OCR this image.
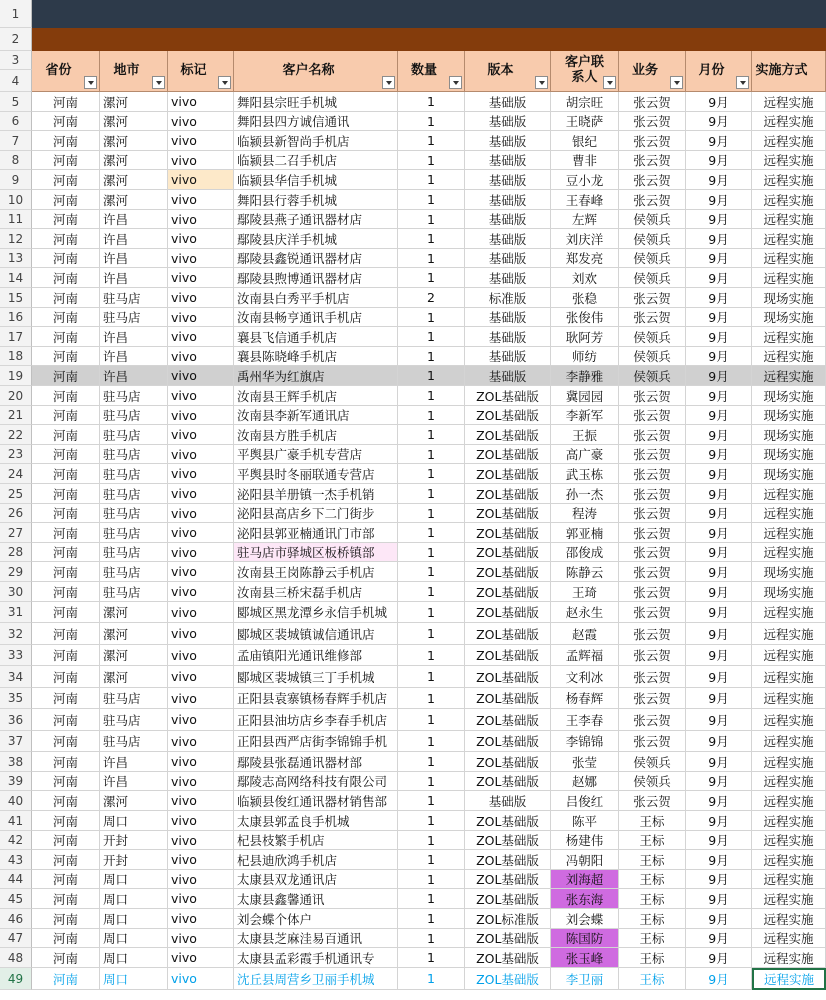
1
2
3
4
省份	地市	标记	客户名称	数量	版本	客户联系人	业务	月份	实施方式
5	河南	漯河	vivo	舞阳县宗旺手机城	1	基础版	胡宗旺	张云贺	9月	远程实施
6	河南	漯河	vivo	舞阳县四方诚信通讯	1	基础版	王晓萨	张云贺	9月	远程实施
7	河南	漯河	vivo	临颍县新智尚手机店	1	基础版	银纪	张云贺	9月	远程实施
8	河南	漯河	vivo	临颍县二召手机店	1	基础版	曹非	张云贺	9月	远程实施
9	河南	漯河	vivo	临颍县华信手机城	1	基础版	豆小龙	张云贺	9月	远程实施
10	河南	漯河	vivo	舞阳县行蓉手机城	1	基础版	王春峰	张云贺	9月	远程实施
11	河南	许昌	vivo	鄢陵县燕子通讯器材店	1	基础版	左辉	侯领兵	9月	远程实施
12	河南	许昌	vivo	鄢陵县庆洋手机城	1	基础版	刘庆洋	侯领兵	9月	远程实施
13	河南	许昌	vivo	鄢陵县鑫锐通讯器材店	1	基础版	郑发亮	侯领兵	9月	远程实施
14	河南	许昌	vivo	鄢陵县煦博通讯器材店	1	基础版	刘欢	侯领兵	9月	远程实施
15	河南	驻马店	vivo	汝南县白秀平手机店	2	标准版	张稳	张云贺	9月	现场实施
16	河南	驻马店	vivo	汝南县畅亨通讯手机店	1	基础版	张俊伟	张云贺	9月	现场实施
17	河南	许昌	vivo	襄县飞信通手机店	1	基础版	耿阿芳	侯领兵	9月	远程实施
18	河南	许昌	vivo	襄县陈晓峰手机店	1	基础版	师纺	侯领兵	9月	远程实施
19	河南	许昌	vivo	禹州华为红旗店	1	基础版	李静雅	侯领兵	9月	远程实施
20	河南	驻马店	vivo	汝南县王辉手机店	1	ZOL基础版	冀园园	张云贺	9月	现场实施
21	河南	驻马店	vivo	汝南县李新军通讯店	1	ZOL基础版	李新军	张云贺	9月	现场实施
22	河南	驻马店	vivo	汝南县方胜手机店	1	ZOL基础版	王振	张云贺	9月	现场实施
23	河南	驻马店	vivo	平舆县广豪手机专营店	1	ZOL基础版	高广豪	张云贺	9月	现场实施
24	河南	驻马店	vivo	平舆县时冬丽联通专营店	1	ZOL基础版	武玉栋	张云贺	9月	现场实施
25	河南	驻马店	vivo	泌阳县羊册镇一杰手机销	1	ZOL基础版	孙一杰	张云贺	9月	远程实施
26	河南	驻马店	vivo	泌阳县高店乡下二门街步	1	ZOL基础版	程涛	张云贺	9月	远程实施
27	河南	驻马店	vivo	泌阳县郭亚楠通讯门市部	1	ZOL基础版	郭亚楠	张云贺	9月	远程实施
28	河南	驻马店	vivo	驻马店市驿城区板桥镇部	1	ZOL基础版	邵俊成	张云贺	9月	远程实施
29	河南	驻马店	vivo	汝南县王岗陈静云手机店	1	ZOL基础版	陈静云	张云贺	9月	现场实施
30	河南	驻马店	vivo	汝南县三桥宋磊手机店	1	ZOL基础版	王琦	张云贺	9月	现场实施
31	河南	漯河	vivo	郾城区黑龙潭乡永信手机城	1	ZOL基础版	赵永生	张云贺	9月	远程实施
32	河南	漯河	vivo	郾城区裴城镇诚信通讯店	1	ZOL基础版	赵霞	张云贺	9月	远程实施
33	河南	漯河	vivo	孟庙镇阳光通讯维修部	1	ZOL基础版	孟辉福	张云贺	9月	远程实施
34	河南	漯河	vivo	郾城区裴城镇三丁手机城	1	ZOL基础版	文利冰	张云贺	9月	远程实施
35	河南	驻马店	vivo	正阳县袁寨镇杨春辉手机店	1	ZOL基础版	杨春辉	张云贺	9月	远程实施
36	河南	驻马店	vivo	正阳县油坊店乡李春手机店	1	ZOL基础版	王李春	张云贺	9月	远程实施
37	河南	驻马店	vivo	正阳县西严店街李锦锦手机	1	ZOL基础版	李锦锦	张云贺	9月	远程实施
38	河南	许昌	vivo	鄢陵县张磊通讯器材部	1	ZOL基础版	张莹	侯领兵	9月	远程实施
39	河南	许昌	vivo	鄢陵志高网络科技有限公司	1	ZOL基础版	赵娜	侯领兵	9月	远程实施
40	河南	漯河	vivo	临颍县俊红通讯器材销售部	1	基础版	吕俊红	张云贺	9月	远程实施
41	河南	周口	vivo	太康县郭孟良手机城	1	ZOL基础版	陈平	王标	9月	远程实施
42	河南	开封	vivo	杞县枝繁手机店	1	ZOL基础版	杨建伟	王标	9月	远程实施
43	河南	开封	vivo	杞县迪欣鸿手机店	1	ZOL基础版	冯朝阳	王标	9月	远程实施
44	河南	周口	vivo	太康县双龙通讯店	1	ZOL基础版	刘海超	王标	9月	远程实施
45	河南	周口	vivo	太康县鑫馨通讯	1	ZOL基础版	张东海	王标	9月	远程实施
46	河南	周口	vivo	刘会蝶个体户	1	ZOL标准版	刘会蝶	王标	9月	远程实施
47	河南	周口	vivo	太康县芝麻洼易百通讯	1	ZOL基础版	陈国防	王标	9月	远程实施
48	河南	周口	vivo	太康县孟彩霞手机通讯专	1	ZOL基础版	张玉峰	王标	9月	远程实施
49	河南	周口	vivo	沈丘县周营乡卫丽手机城	1	ZOL基础版	李卫丽	王标	9月	远程实施
